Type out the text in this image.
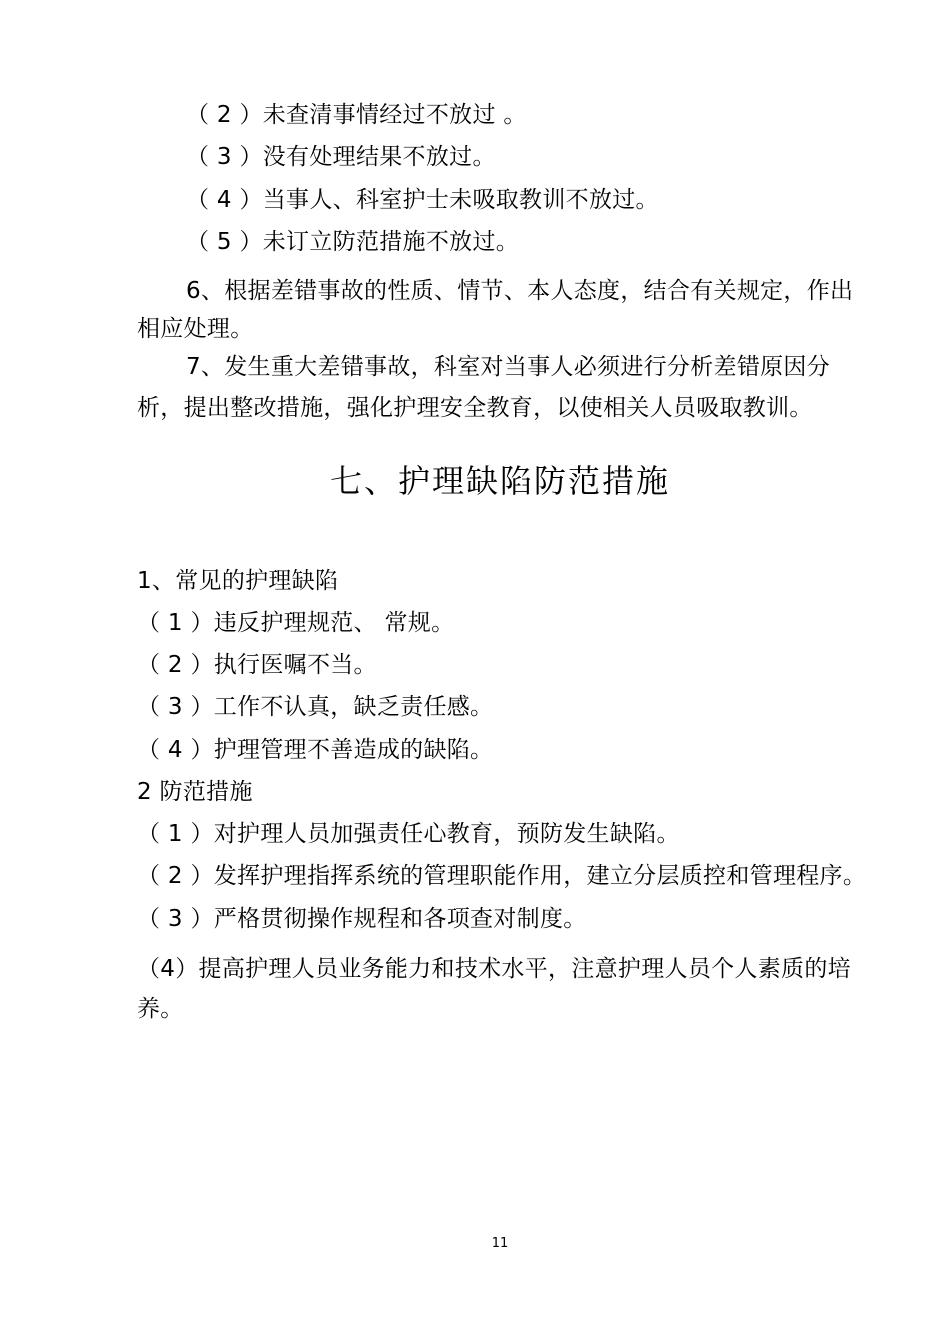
（ 2 ）未查清事情经过不放过 。
（ 3 ）没有处理结果不放过。
（ 4 ）当事人、科室护士未吸取教训不放过。
（ 5 ）未订立防范措施不放过。
6、根据差错事故的性质、情节、本人态度，结合有关规定，作出
相应处理。
7、发生重大差错事故，科室对当事人必须进行分析差错原因分
析，提出整改措施，强化护理安全教育，以使相关人员吸取教训。
七、护理缺陷防范措施
1、常见的护理缺陷
（ 1 ）违反护理规范、 常规。
（ 2 ）执行医嘱不当。
（ 3 ）工作不认真，缺乏责任感。
（ 4 ）护理管理不善造成的缺陷。
2 防范措施
（ 1 ）对护理人员加强责任心教育，预防发生缺陷。
（ 2 ）发挥护理指挥系统的管理职能作用，建立分层质控和管理程序。
（ 3 ）严格贯彻操作规程和各项查对制度。
（4）提高护理人员业务能力和技术水平，注意护理人员个人素质的培
养。
11
